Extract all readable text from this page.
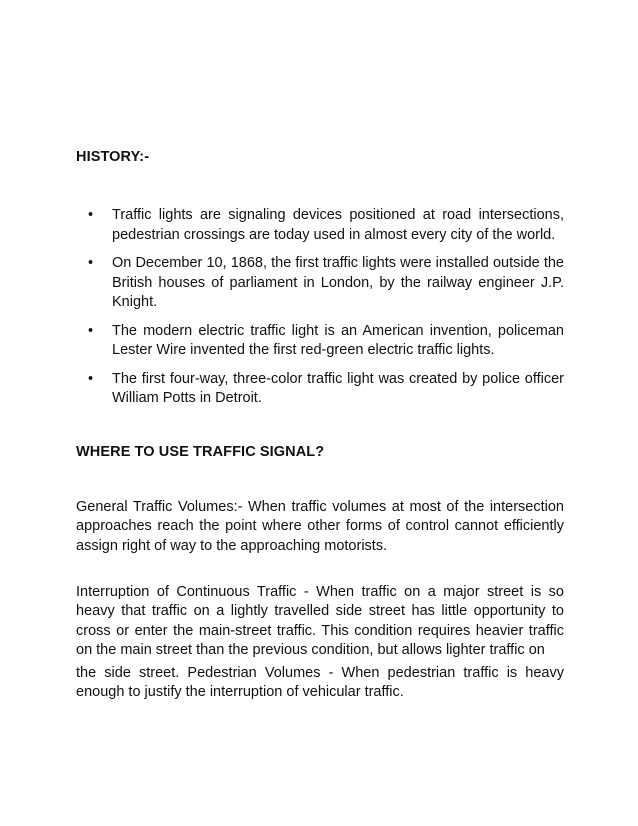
HISTORY:-
• Traffic lights are signaling devices positioned at road intersections, pedestrian crossings are today used in almost every city of the world.
• On December 10, 1868, the first traffic lights were installed outside the British houses of parliament in London, by the railway engineer J.P. Knight.
• The modern electric traffic light is an American invention, policeman Lester Wire invented the first red-green electric traffic lights.
• The first four-way, three-color traffic light was created by police officer William Potts in Detroit.
WHERE TO USE TRAFFIC SIGNAL?

General Traffic Volumes:- When traffic volumes at most of the intersection approaches reach the point where other forms of control cannot efficiently assign right of way to the approaching motorists.

Interruption of Continuous Traffic - When traffic on a major street is so heavy that traffic on a lightly travelled side street has little opportunity to cross or enter the main-street traffic. This condition requires heavier traffic on the main street than the previous condition, but allows lighter traffic on

the side street. Pedestrian Volumes - When pedestrian traffic is heavy enough to justify the interruption of vehicular traffic.
